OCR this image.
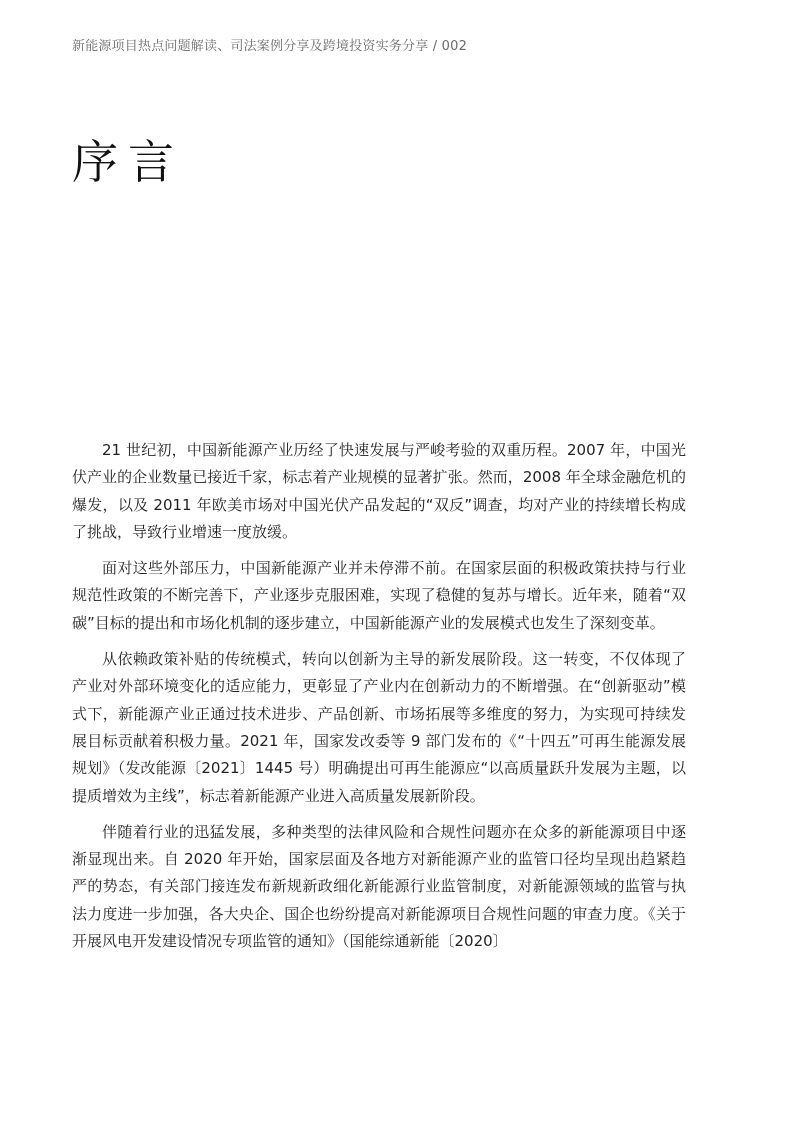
新能源项目热点问题解读、司法案例分享及跨境投资实务分享 / 002
序言

21 世纪初，中国新能源产业历经了快速发展与严峻考验的双重历程。2007 年，中国光伏产业的企业数量已接近千家，标志着产业规模的显著扩张。然而，2008 年全球金融危机的爆发，以及 2011 年欧美市场对中国光伏产品发起的“双反”调查，均对产业的持续增长构成了挑战，导致行业增速一度放缓。

面对这些外部压力，中国新能源产业并未停滞不前。在国家层面的积极政策扶持与行业规范性政策的不断完善下，产业逐步克服困难，实现了稳健的复苏与增长。近年来，随着“双碳”目标的提出和市场化机制的逐步建立，中国新能源产业的发展模式也发生了深刻变革。

从依赖政策补贴的传统模式，转向以创新为主导的新发展阶段。这一转变，不仅体现了产业对外部环境变化的适应能力，更彰显了产业内在创新动力的不断增强。在“创新驱动”模式下，新能源产业正通过技术进步、产品创新、市场拓展等多维度的努力，为实现可持续发展目标贡献着积极力量。2021 年，国家发改委等 9 部门发布的《“十四五”可再生能源发展规划》（发改能源〔2021〕1445 号）明确提出可再生能源应“以高质量跃升发展为主题，以提质增效为主线”，标志着新能源产业进入高质量发展新阶段。

伴随着行业的迅猛发展，多种类型的法律风险和合规性问题亦在众多的新能源项目中逐渐显现出来。自 2020 年开始，国家层面及各地方对新能源产业的监管口径均呈现出趋紧趋严的势态，有关部门接连发布新规新政细化新能源行业监管制度，对新能源领域的监管与执法力度进一步加强，各大央企、国企也纷纷提高对新能源项目合规性问题的审查力度。《关于开展风电开发建设情况专项监管的通知》（国能综通新能〔2020〕
